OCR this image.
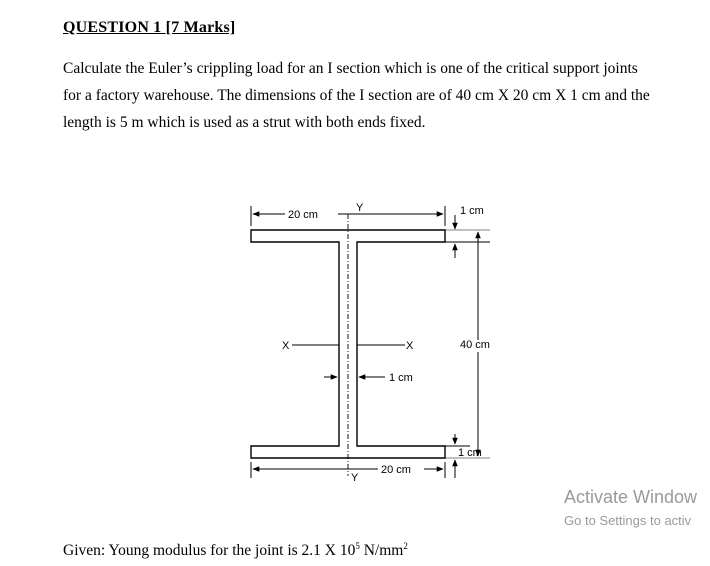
QUESTION 1 [7 Marks]
Calculate the Euler’s crippling load for an I section which is one of the critical support joints
for a factory warehouse. The dimensions of the I section are of 40 cm X 20 cm X 1 cm and the
length is 5 m which is used as a strut with both ends fixed.
X	X
Y
Y
20 cm
20 cm
1 cm
40 cm
1 cm
1 cm
Given: Young modulus for the joint is 2.1 X $10^5$ $N/mm^2$
Activate Window
Go to Settings to activ
